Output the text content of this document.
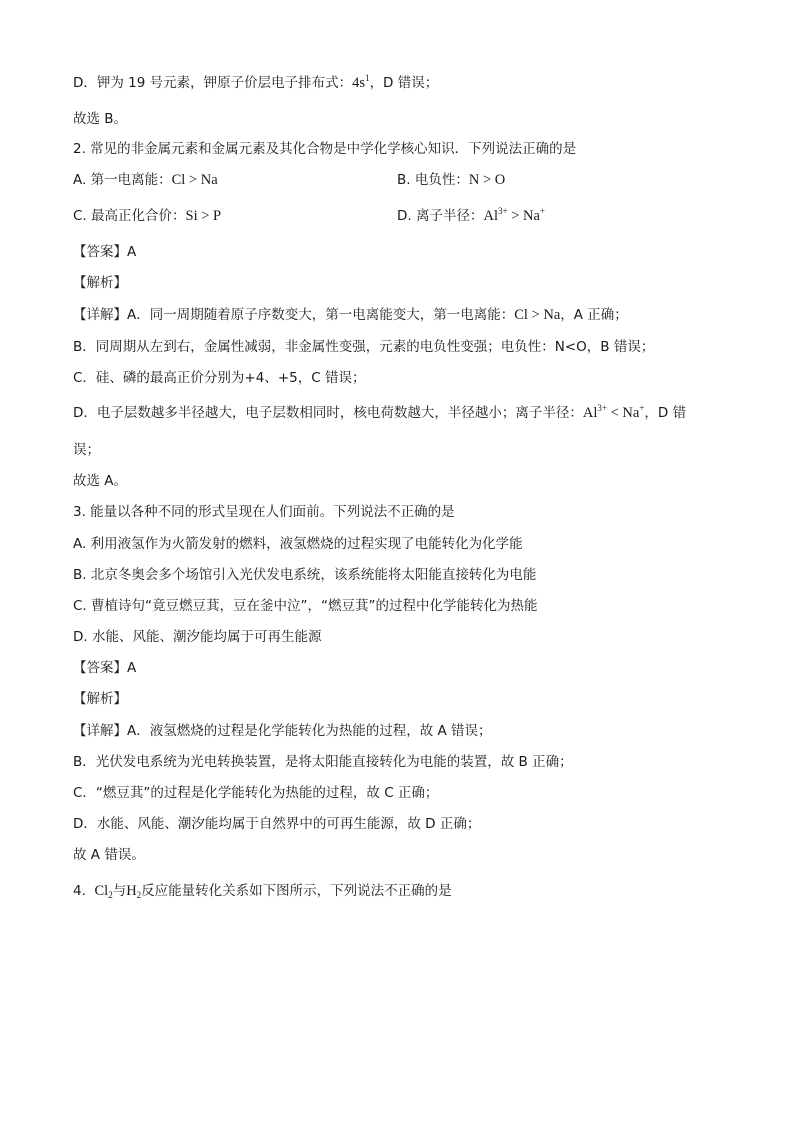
D．钾为 19 号元素，钾原子价层电子排布式：$4s^1$，D 错误；
故选 B。
2. 常见的非金属元素和金属元素及其化合物是中学化学核心知识．下列说法正确的是
A. 第一电离能：Cl > Na	B. 电负性：N > O
C. 最高正化合价：Si > P	D. 离子半径：$Al^{3+} > Na^+$
【答案】A
【解析】
【详解】A．同一周期随着原子序数变大，第一电离能变大，第一电离能：Cl > Na，A 正确；
B．同周期从左到右，金属性减弱，非金属性变强，元素的电负性变强；电负性：N<O，B 错误；
C．硅、磷的最高正价分别为+4、+5，C 错误；
D．电子层数越多半径越大，电子层数相同时，核电荷数越大，半径越小；离子半径：$Al^{3+} < Na^+$，D 错
误；
故选 A。
3. 能量以各种不同的形式呈现在人们面前。下列说法不正确的是
A. 利用液氢作为火箭发射的燃料，液氢燃烧的过程实现了电能转化为化学能
B. 北京冬奥会多个场馆引入光伏发电系统，该系统能将太阳能直接转化为电能
C. 曹植诗句“竟豆燃豆萁，豆在釜中泣”，“燃豆萁”的过程中化学能转化为热能
D. 水能、风能、潮汐能均属于可再生能源
【答案】A
【解析】
【详解】A．液氢燃烧的过程是化学能转化为热能的过程，故 A 错误；
B．光伏发电系统为光电转换装置，是将太阳能直接转化为电能的装置，故 B 正确；
C．“燃豆萁”的过程是化学能转化为热能的过程，故 C 正确；
D．水能、风能、潮汐能均属于自然界中的可再生能源，故 D 正确；
故 A 错误。
4. $Cl_2$与$H_2$反应能量转化关系如下图所示，下列说法不正确的是
